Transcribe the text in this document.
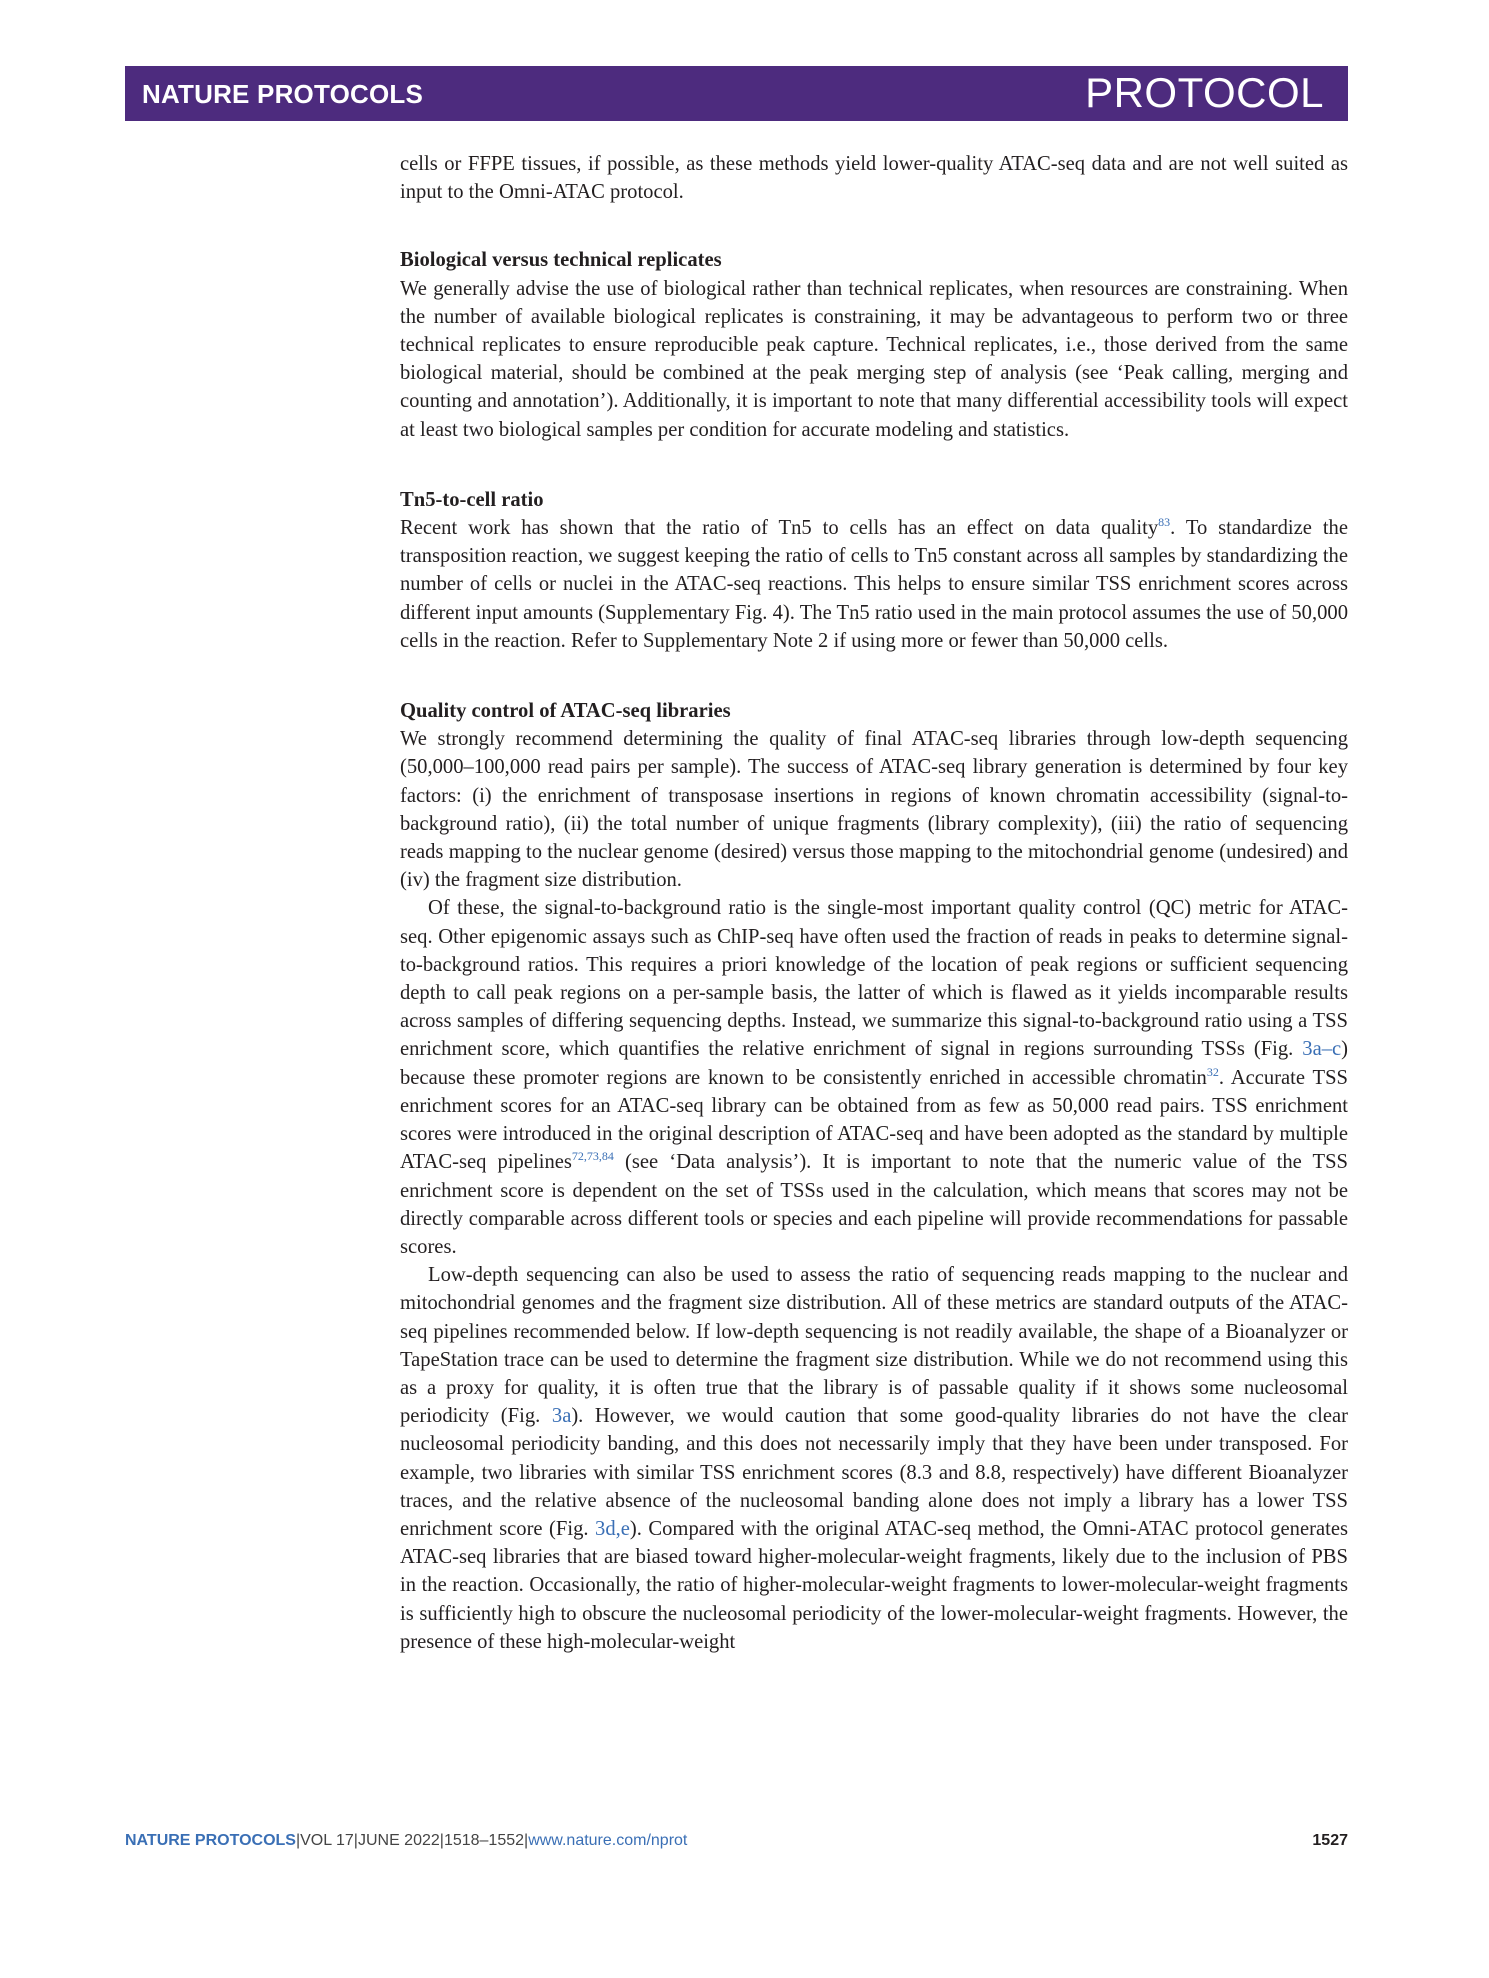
NATURE PROTOCOLS	PROTOCOL

cells or FFPE tissues, if possible, as these methods yield lower-quality ATAC-seq data and are not well suited as input to the Omni-ATAC protocol.

Biological versus technical replicates

We generally advise the use of biological rather than technical replicates, when resources are constraining. When the number of available biological replicates is constraining, it may be advantageous to perform two or three technical replicates to ensure reproducible peak capture. Technical replicates, i.e., those derived from the same biological material, should be combined at the peak merging step of analysis (see ‘Peak calling, merging and counting and annotation’). Additionally, it is important to note that many differential accessibility tools will expect at least two biological samples per condition for accurate modeling and statistics.

Tn5-to-cell ratio

Recent work has shown that the ratio of Tn5 to cells has an effect on data quality$^{83}$. To standardize the transposition reaction, we suggest keeping the ratio of cells to Tn5 constant across all samples by standardizing the number of cells or nuclei in the ATAC-seq reactions. This helps to ensure similar TSS enrichment scores across different input amounts (Supplementary Fig. 4). The Tn5 ratio used in the main protocol assumes the use of 50,000 cells in the reaction. Refer to Supplementary Note 2 if using more or fewer than 50,000 cells.

Quality control of ATAC-seq libraries

We strongly recommend determining the quality of final ATAC-seq libraries through low-depth sequencing (50,000–100,000 read pairs per sample). The success of ATAC-seq library generation is determined by four key factors: (i) the enrichment of transposase insertions in regions of known chromatin accessibility (signal-to-background ratio), (ii) the total number of unique fragments (library complexity), (iii) the ratio of sequencing reads mapping to the nuclear genome (desired) versus those mapping to the mitochondrial genome (undesired) and (iv) the fragment size distribution.

Of these, the signal-to-background ratio is the single-most important quality control (QC) metric for ATAC-seq. Other epigenomic assays such as ChIP-seq have often used the fraction of reads in peaks to determine signal-to-background ratios. This requires a priori knowledge of the location of peak regions or sufficient sequencing depth to call peak regions on a per-sample basis, the latter of which is flawed as it yields incomparable results across samples of differing sequencing depths. Instead, we summarize this signal-to-background ratio using a TSS enrichment score, which quantifies the relative enrichment of signal in regions surrounding TSSs (Fig. 3a–c) because these promoter regions are known to be consistently enriched in accessible chromatin$^{32}$. Accurate TSS enrichment scores for an ATAC-seq library can be obtained from as few as 50,000 read pairs. TSS enrichment scores were introduced in the original description of ATAC-seq and have been adopted as the standard by multiple ATAC-seq pipelines$^{72,73,84}$ (see ‘Data analysis’). It is important to note that the numeric value of the TSS enrichment score is dependent on the set of TSSs used in the calculation, which means that scores may not be directly comparable across different tools or species and each pipeline will provide recommendations for passable scores.

Low-depth sequencing can also be used to assess the ratio of sequencing reads mapping to the nuclear and mitochondrial genomes and the fragment size distribution. All of these metrics are standard outputs of the ATAC-seq pipelines recommended below. If low-depth sequencing is not readily available, the shape of a Bioanalyzer or TapeStation trace can be used to determine the fragment size distribution. While we do not recommend using this as a proxy for quality, it is often true that the library is of passable quality if it shows some nucleosomal periodicity (Fig. 3a). However, we would caution that some good-quality libraries do not have the clear nucleosomal periodicity banding, and this does not necessarily imply that they have been under transposed. For example, two libraries with similar TSS enrichment scores (8.3 and 8.8, respectively) have different Bioanalyzer traces, and the relative absence of the nucleosomal banding alone does not imply a library has a lower TSS enrichment score (Fig. 3d,e). Compared with the original ATAC-seq method, the Omni-ATAC protocol generates ATAC-seq libraries that are biased toward higher-molecular-weight fragments, likely due to the inclusion of PBS in the reaction. Occasionally, the ratio of higher-molecular-weight fragments to lower-molecular-weight fragments is sufficiently high to obscure the nucleosomal periodicity of the lower-molecular-weight fragments. However, the presence of these high-molecular-weight

NATURE PROTOCOLS|VOL 17|JUNE 2022|1518–1552|www.nature.com/nprot	1527
